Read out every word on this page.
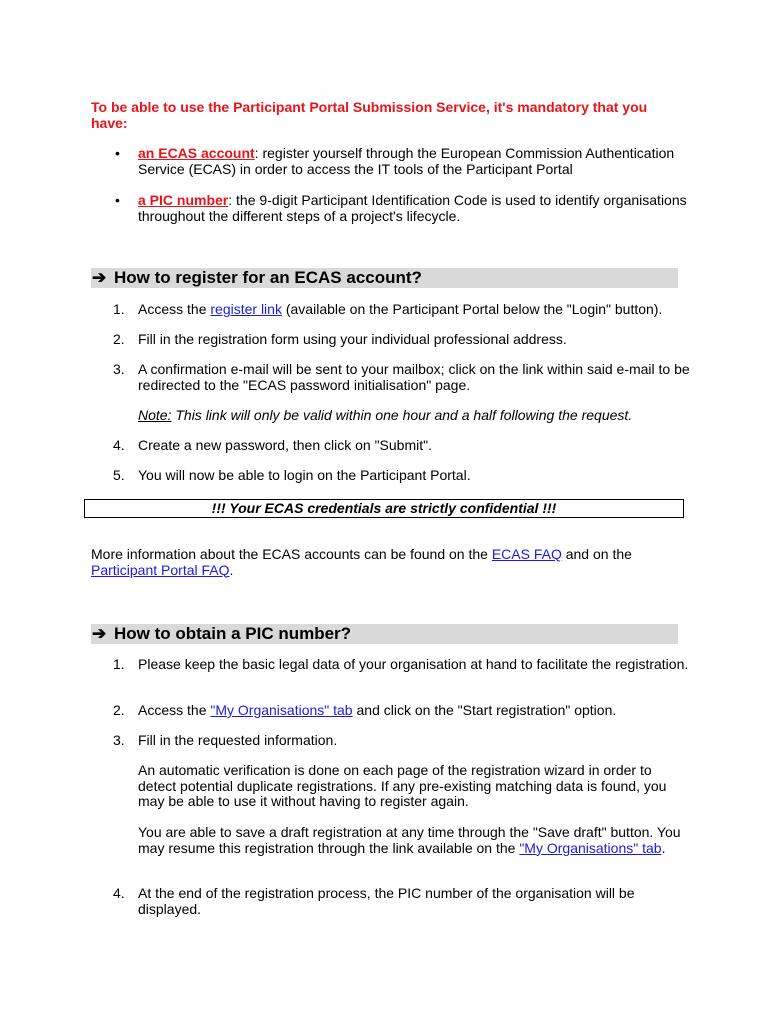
To be able to use the Participant Portal Submission Service, it's mandatory that you have:
• an ECAS account: register yourself through the European Commission Authentication Service (ECAS) in order to access the IT tools of the Participant Portal
• a PIC number: the 9-digit Participant Identification Code is used to identify organisations throughout the different steps of a project's lifecycle.
➔ How to register for an ECAS account?
1. Access the register link (available on the Participant Portal below the "Login" button).
2. Fill in the registration form using your individual professional address.
3. A confirmation e-mail will be sent to your mailbox; click on the link within said e-mail to be redirected to the "ECAS password initialisation" page.
Note: This link will only be valid within one hour and a half following the request.
4. Create a new password, then click on "Submit".
5. You will now be able to login on the Participant Portal.
!!! Your ECAS credentials are strictly confidential !!!
More information about the ECAS accounts can be found on the ECAS FAQ and on the Participant Portal FAQ.
➔ How to obtain a PIC number?
1. Please keep the basic legal data of your organisation at hand to facilitate the registration.
2. Access the "My Organisations" tab and click on the "Start registration" option.
3. Fill in the requested information.
An automatic verification is done on each page of the registration wizard in order to detect potential duplicate registrations. If any pre-existing matching data is found, you may be able to use it without having to register again.
You are able to save a draft registration at any time through the "Save draft" button. You may resume this registration through the link available on the "My Organisations" tab.
4. At the end of the registration process, the PIC number of the organisation will be displayed.
